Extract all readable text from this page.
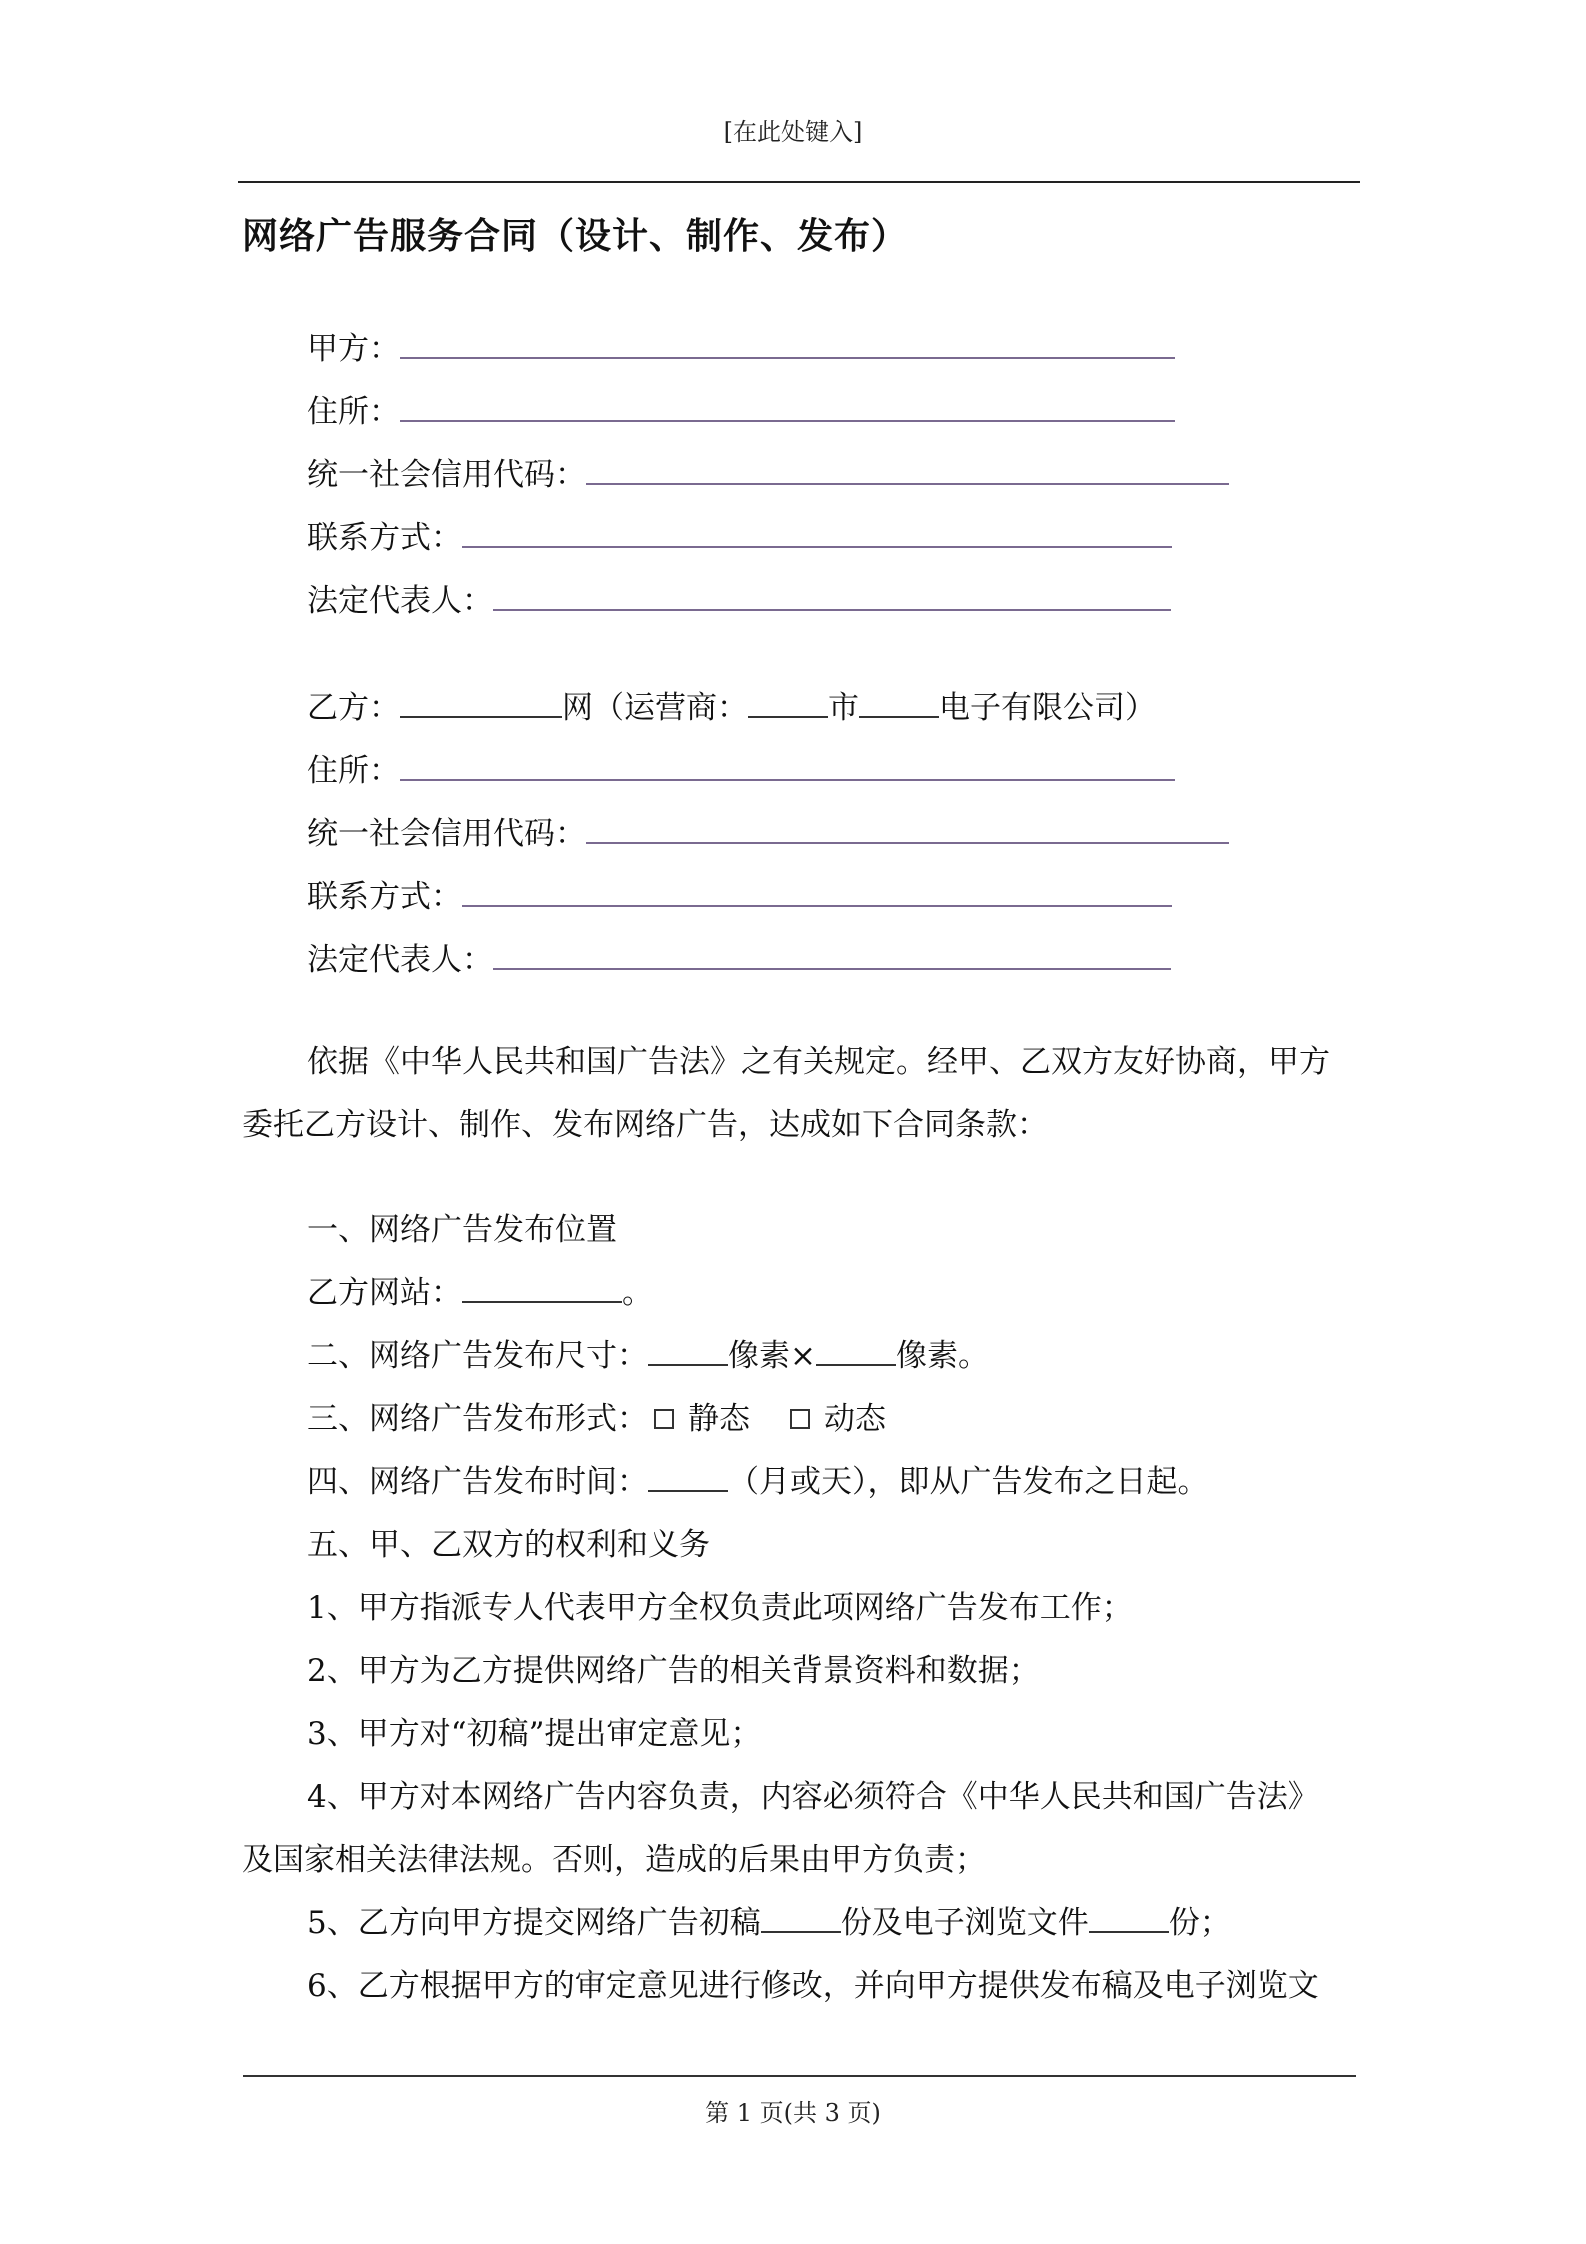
[在此处键入]
网络广告服务合同（设计、制作、发布）
甲方：
住所：
统一社会信用代码：
联系方式：
法定代表人：
乙方：	网（运营商：	市	电子有限公司）
住所：
统一社会信用代码：
联系方式：
法定代表人：
依据《中华人民共和国广告法》之有关规定。经甲、乙双方友好协商，甲方
委托乙方设计、制作、发布网络广告，达成如下合同条款：
一、网络广告发布位置
乙方网站：	。
二、网络广告发布尺寸：	像素×	像素。
三、网络广告发布形式： 静态 动态
四、网络广告发布时间：	（月或天），即从广告发布之日起。
五、甲、乙双方的权利和义务
1、甲方指派专人代表甲方全权负责此项网络广告发布工作；
2、甲方为乙方提供网络广告的相关背景资料和数据；
3、甲方对“初稿”提出审定意见；
4、甲方对本网络广告内容负责，内容必须符合《中华人民共和国广告法》
及国家相关法律法规。否则，造成的后果由甲方负责；
5、乙方向甲方提交网络广告初稿	份及电子浏览文件	份；
6、乙方根据甲方的审定意见进行修改，并向甲方提供发布稿及电子浏览文
第 1 页(共 3 页)
